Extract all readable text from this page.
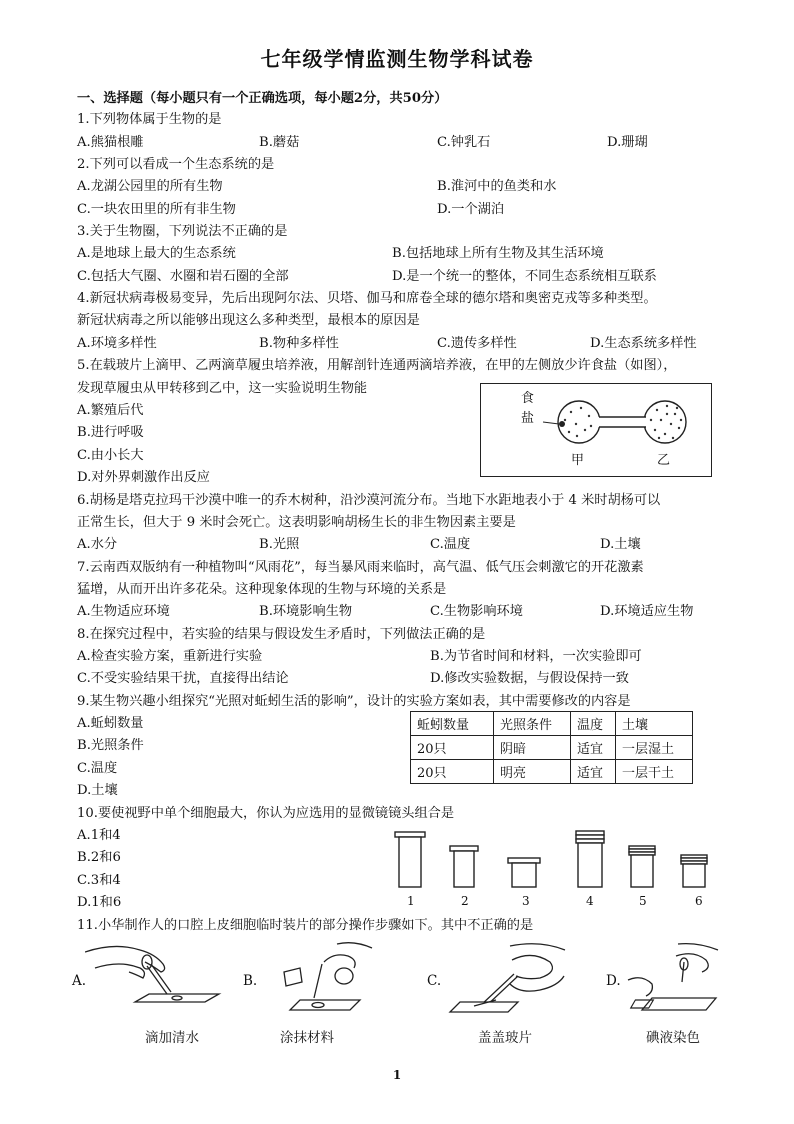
七年级学情监测生物学科试卷
一、选择题（每小题只有一个正确选项，每小题2分，共50分）
1.下列物体属于生物的是
A.熊猫根雕	B.蘑菇	C.钟乳石	D.珊瑚
2.下列可以看成一个生态系统的是
A.龙湖公园里的所有生物	B.淮河中的鱼类和水
C.一块农田里的所有非生物	D.一个湖泊
3.关于生物圈，下列说法不正确的是
A.是地球上最大的生态系统	B.包括地球上所有生物及其生活环境
C.包括大气圈、水圈和岩石圈的全部	D.是一个统一的整体，不同生态系统相互联系
4.新冠状病毒极易变异，先后出现阿尔法、贝塔、伽马和席卷全球的德尔塔和奥密克戎等多种类型。
新冠状病毒之所以能够出现这么多种类型，最根本的原因是
A.环境多样性	B.物种多样性	C.遗传多样性	D.生态系统多样性
5.在载玻片上滴甲、乙两滴草履虫培养液，用解剖针连通两滴培养液，在甲的左侧放少许食盐（如图），
发现草履虫从甲转移到乙中，这一实验说明生物能
A.繁殖后代
B.进行呼吸
C.由小长大
D.对外界刺激作出反应
食
盐
甲	乙
6.胡杨是塔克拉玛干沙漠中唯一的乔木树种，沿沙漠河流分布。当地下水距地表小于 4 米时胡杨可以
正常生长，但大于 9 米时会死亡。这表明影响胡杨生长的非生物因素主要是
A.水分	B.光照	C.温度	D.土壤
7.云南西双版纳有一种植物叫“风雨花”，每当暴风雨来临时，高气温、低气压会刺激它的开花激素
猛增，从而开出许多花朵。这种现象体现的生物与环境的关系是
A.生物适应环境	B.环境影响生物	C.生物影响环境	D.环境适应生物
8.在探究过程中，若实验的结果与假设发生矛盾时，下列做法正确的是
A.检查实验方案，重新进行实验	B.为节省时间和材料，一次实验即可
C.不受实验结果干扰，直接得出结论	D.修改实验数据，与假设保持一致
9.某生物兴趣小组探究“光照对蚯蚓生活的影响”，设计的实验方案如表，其中需要修改的内容是
A.蚯蚓数量
B.光照条件
C.温度
D.土壤
蚯蚓数量	光照条件	温度	土壤
20只	阴暗	适宜	一层湿土
20只	明亮	适宜	一层干土
10.要使视野中单个细胞最大，你认为应选用的显微镜镜头组合是
A.1和4
B.2和6
C.3和4
D.1和6	1	2	3	4	5	6
11.小华制作人的口腔上皮细胞临时装片的部分操作步骤如下。其中不正确的是
A.
滴加清水
B.
涂抹材料
C.
盖盖玻片
D.
碘液染色
1
